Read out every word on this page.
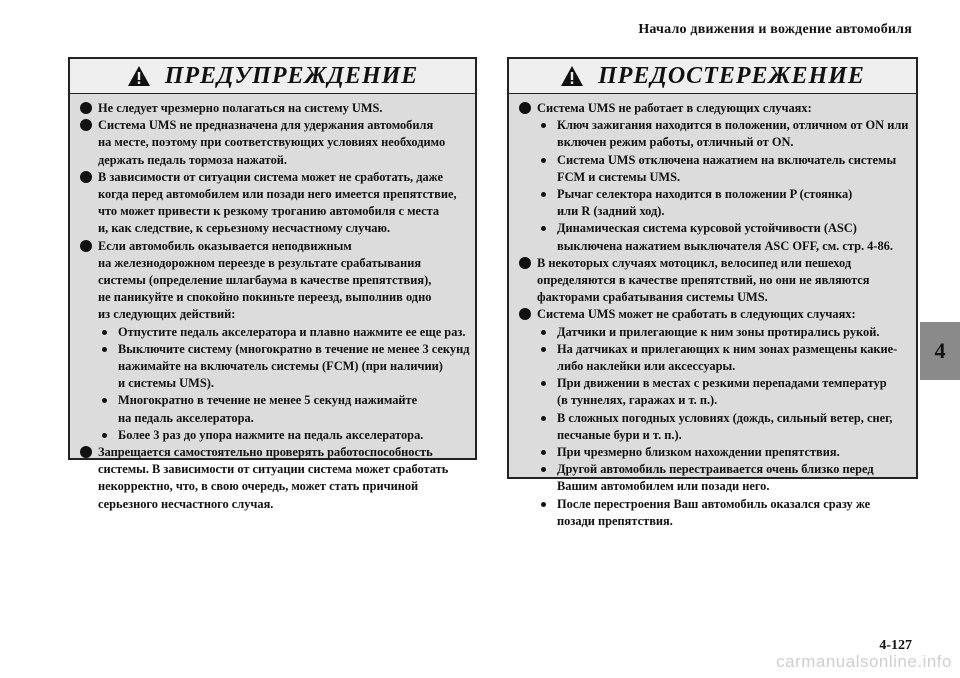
Начало движения и вождение автомобиля
4
ПРЕДУПРЕЖДЕНИЕ

Не следует чрезмерно полагаться на систему UMS.

Система UMS не предназначена для удержания автомобиля

на месте, поэтому при соответствующих условиях необходимо

держать педаль тормоза нажатой.

В зависимости от ситуации система может не сработать, даже

когда перед автомобилем или позади него имеется препятствие,

что может привести к резкому троганию автомобиля с места

и, как следствие, к серьезному несчастному случаю.

Если автомобиль оказывается неподвижным

на железнодорожном переезде в результате срабатывания

системы (определение шлагбаума в качестве препятствия),

не паникуйте и спокойно покиньте переезд, выполнив одно

из следующих действий:

Отпустите педаль акселератора и плавно нажмите ее еще раз.

Выключите систему (многократно в течение не менее 3 секунд

нажимайте на включатель системы (FCM) (при наличии)

и системы UMS).

Многократно в течение не менее 5 секунд нажимайте

на педаль акселератора.

Более 3 раз до упора нажмите на педаль акселератора.

Запрещается самостоятельно проверять работоспособность

системы. В зависимости от ситуации система может сработать

некорректно, что, в свою очередь, может стать причиной

серьезного несчастного случая.

ПРЕДОСТЕРЕЖЕНИЕ

Система UMS не работает в следующих случаях:

Ключ зажигания находится в положении, отличном от ON или

включен режим работы, отличный от ON.

Система UMS отключена нажатием на включатель системы

FCM и системы UMS.

Рычаг селектора находится в положении P (стоянка)

или R (задний ход).

Динамическая система курсовой устойчивости (ASC)

выключена нажатием выключателя ASC OFF, см. стр. 4-86.

В некоторых случаях мотоцикл, велосипед или пешеход

определяются в качестве препятствий, но они не являются

факторами срабатывания системы UMS.

Система UMS может не сработать в следующих случаях:

Датчики и прилегающие к ним зоны протирались рукой.

На датчиках и прилегающих к ним зонах размещены какие-

либо наклейки или аксессуары.

При движении в местах с резкими перепадами температур

(в туннелях, гаражах и т. п.).

В сложных погодных условиях (дождь, сильный ветер, снег,

песчаные бури и т. п.).

При чрезмерно близком нахождении препятствия.

Другой автомобиль перестраивается очень близко перед

Вашим автомобилем или позади него.

После перестроения Ваш автомобиль оказался сразу же

позади препятствия.

4-127
carmanualsonline.info
